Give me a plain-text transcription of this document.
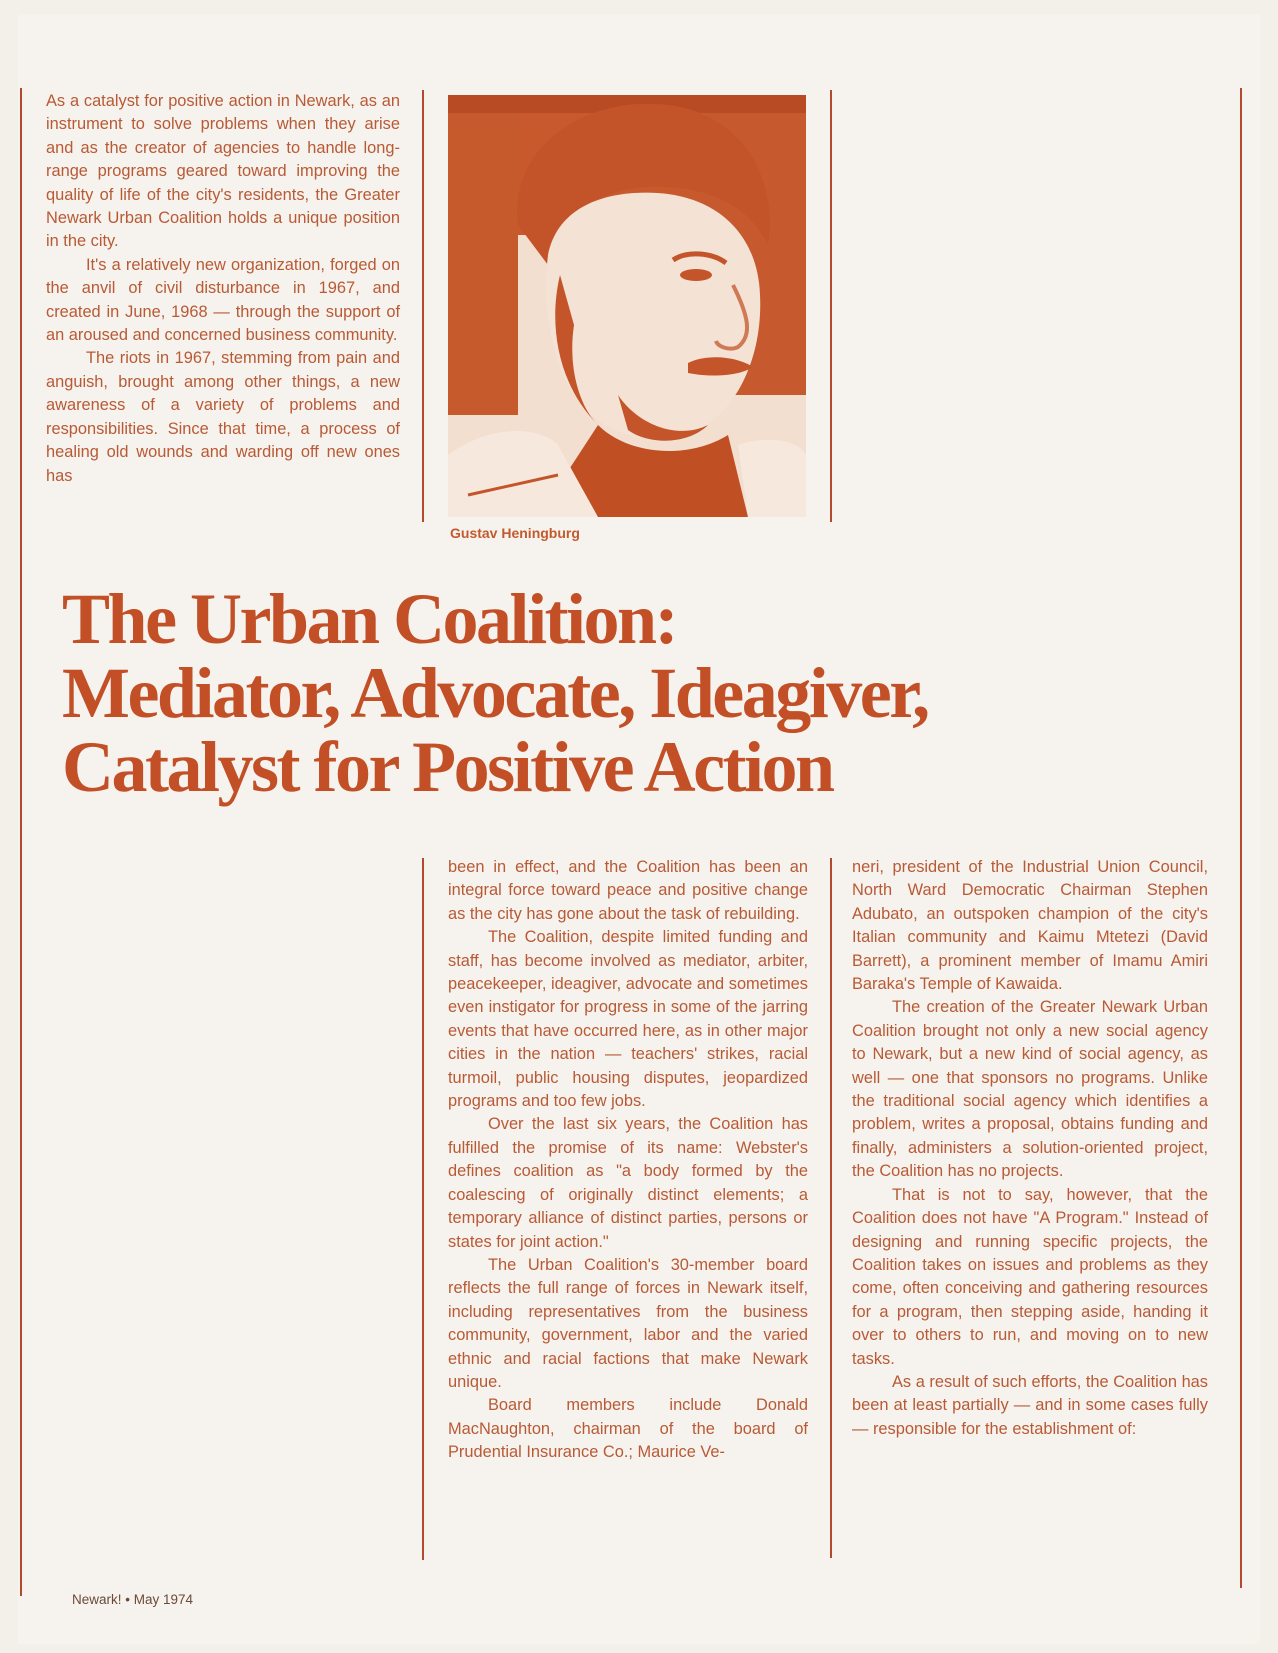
As a catalyst for positive action in Newark, as an instrument to solve problems when they arise and as the creator of agencies to handle long-range programs geared toward improving the quality of life of the city's residents, the Greater Newark Urban Coalition holds a unique position in the city.

It's a relatively new organization, forged on the anvil of civil disturbance in 1967, and created in June, 1968 — through the support of an aroused and concerned business community.

The riots in 1967, stemming from pain and anguish, brought among other things, a new awareness of a variety of problems and responsibilities. Since that time, a process of healing old wounds and warding off new ones has

Gustav Heningburg
The Urban Coalition:
Mediator, Advocate, Ideagiver,
Catalyst for Positive Action

been in effect, and the Coalition has been an integral force toward peace and positive change as the city has gone about the task of rebuilding.

The Coalition, despite limited funding and staff, has become involved as mediator, arbiter, peacekeeper, ideagiver, advocate and sometimes even instigator for progress in some of the jarring events that have occurred here, as in other major cities in the nation — teachers' strikes, racial turmoil, public housing disputes, jeopardized programs and too few jobs.

Over the last six years, the Coalition has fulfilled the promise of its name: Webster's defines coalition as "a body formed by the coalescing of originally distinct elements; a temporary alliance of distinct parties, persons or states for joint action."

The Urban Coalition's 30-member board reflects the full range of forces in Newark itself, including representatives from the business community, government, labor and the varied ethnic and racial factions that make Newark unique.

Board members include Donald MacNaughton, chairman of the board of Prudential Insurance Co.; Maurice Ve-

neri, president of the Industrial Union Council, North Ward Democratic Chairman Stephen Adubato, an outspoken champion of the city's Italian community and Kaimu Mtetezi (David Barrett), a prominent member of Imamu Amiri Baraka's Temple of Kawaida.

The creation of the Greater Newark Urban Coalition brought not only a new social agency to Newark, but a new kind of social agency, as well — one that sponsors no programs. Unlike the traditional social agency which identifies a problem, writes a proposal, obtains funding and finally, administers a solution-oriented project, the Coalition has no projects.

That is not to say, however, that the Coalition does not have "A Program." Instead of designing and running specific projects, the Coalition takes on issues and problems as they come, often conceiving and gathering resources for a program, then stepping aside, handing it over to others to run, and moving on to new tasks.

As a result of such efforts, the Coalition has been at least partially — and in some cases fully — responsible for the establishment of:

Newark! • May 1974
